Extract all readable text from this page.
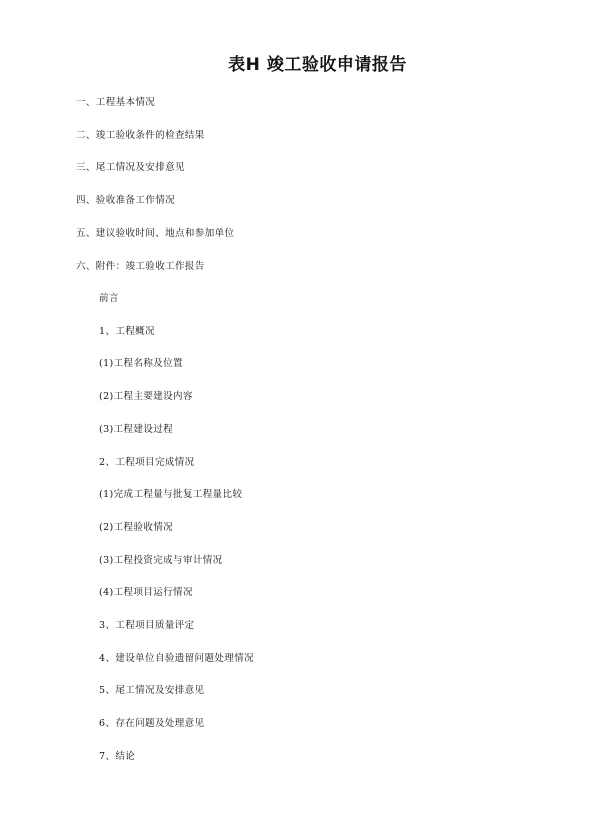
表H 竣工验收申请报告
一、工程基本情况
二、竣工验收条件的检查结果
三、尾工情况及安排意见
四、验收准备工作情况
五、建议验收时间、地点和参加单位
六、附件：竣工验收工作报告
前言
1、工程概况
(1)工程名称及位置
(2)工程主要建设内容
(3)工程建设过程
2、工程项目完成情况
(1)完成工程量与批复工程量比较
(2)工程验收情况
(3)工程投资完成与审计情况
(4)工程项目运行情况
3、工程项目质量评定
4、建设单位自验遗留问题处理情况
5、尾工情况及安排意见
6、存在问题及处理意见
7、结论
